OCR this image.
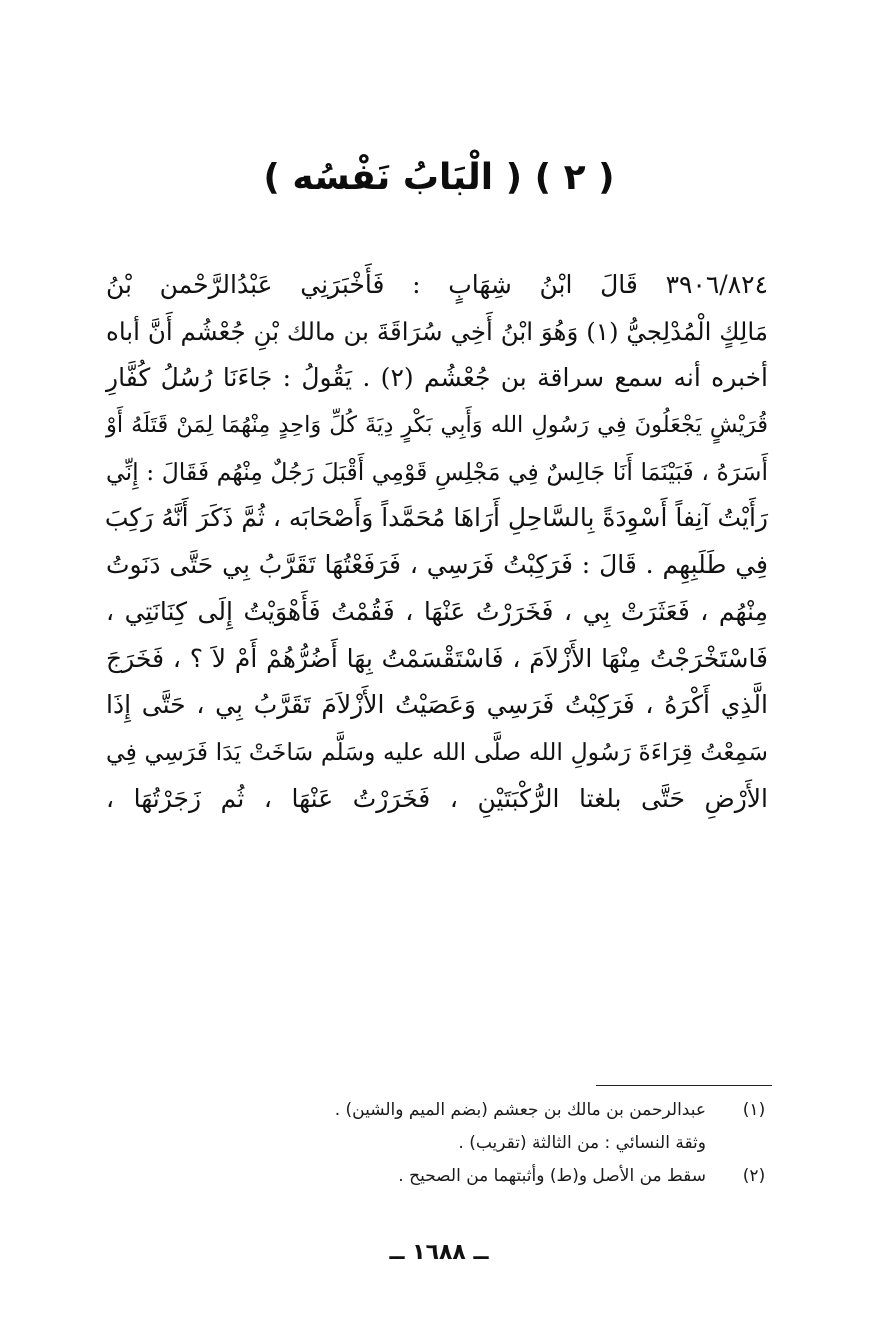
( ٢ ) ( الْبَابُ نَفْسُه )
٣٩٠٦/٨٢٤ قَالَ ابْنُ شِهَابٍ : فَأَخْبَرَنِي عَبْدُالرَّحْمن بْنُ
مَالِكٍ الْمُدْلِجيُّ (١) وَهُوَ ابْنُ أَخِي سُرَاقَةَ بن مالك بْنِ جُعْشُم أَنَّ أباه
أخبره أنه سمع سراقة بن جُعْشُم (٢) . يَقُولُ : جَاءَنَا رُسُلُ كُفَّارِ
قُرَيْشٍ يَجْعَلُونَ فِي رَسُولِ الله وَأَبِي بَكْرٍ دِيَةَ كُلِّ وَاحِدٍ مِنْهُمَا لِمَنْ قَتَلَهُ أَوْ
أَسَرَهُ ، فَبَيْنَمَا أَنَا جَالِسٌ فِي مَجْلِسِ قَوْمِي أَقْبَلَ رَجُلٌ مِنْهُم فَقَالَ : إِنِّي
رَأَيْتُ آنِفاً أَسْوِدَةً بِالسَّاحِلِ أَرَاهَا مُحَمَّداً وَأَصْحَابَه ، ثُمَّ ذَكَرَ أَنَّهُ رَكِبَ
فِي طَلَبِهِم . قَالَ : فَرَكِبْتُ فَرَسِي ، فَرَفَعْتُهَا تَقَرَّبُ بِي حَتَّى دَنَوتُ
مِنْهُم ، فَعَثَرَتْ بِي ، فَخَرَرْتُ عَنْهَا ، فَقُمْتُ فَأَهْوَيْتُ إِلَى كِنَانَتِي ،
فَاسْتَخْرَجْتُ مِنْهَا الأَزْلاَمَ ، فَاسْتَقْسَمْتُ بِهَا أَضُرُّهُمْ أَمْ لاَ ؟ ، فَخَرَجَ
الَّذِي أَكْرَهُ ، فَرَكِبْتُ فَرَسِي وَعَصَيْتُ الأَزْلاَمَ تَقَرَّبُ بِي ، حَتَّى إِذَا
سَمِعْتُ قِرَاءَةَ رَسُولِ الله صلَّى الله عليه وسَلَّم سَاخَتْ يَدَا فَرَسِي فِي
الأَرْضِ حَتَّى بلغتا الرُّكْبَتَيْنِ ، فَخَرَرْتُ عَنْهَا ، ثُم زَجَرْتُهَا ،
(١)
عبدالرحمن بن مالك بن جعشم (بضم الميم والشين) .
وثقة النسائي : من الثالثة (تقريب) .
(٢)
سقط من الأصل و(ط) وأثبتهما من الصحيح .
ــ ١٦٨٨ ــ
